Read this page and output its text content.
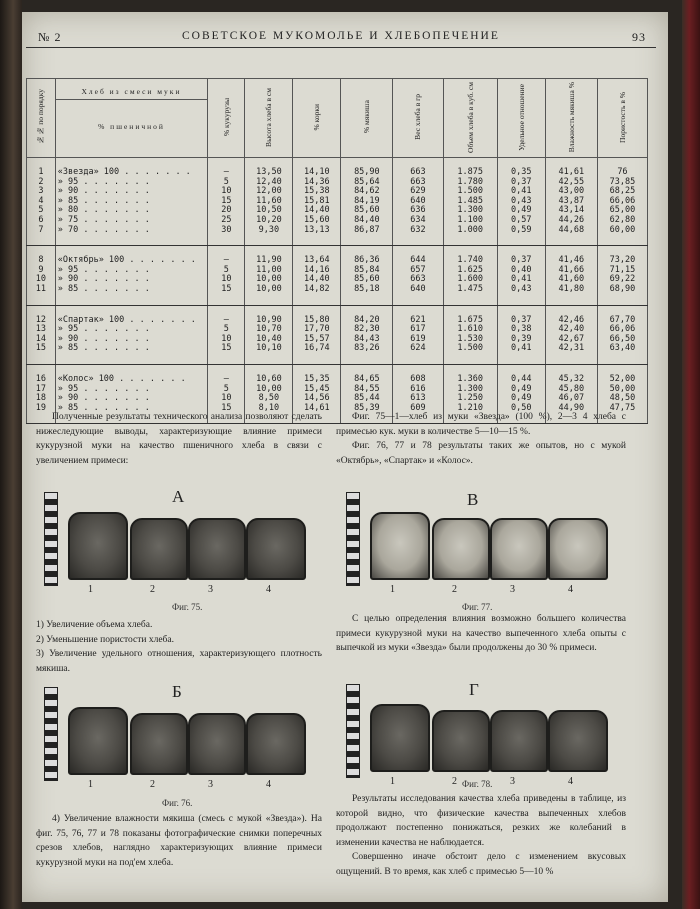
№ 2	СОВЕТСКОЕ МУКОМОЛЬЕ И ХЛЕБОПЕЧЕНИЕ	93
№№ по порядку	Хлеб из смеси муки
% пшеничной	% кукурузы	Высота хлеба в см	% корки	% мякиша	Вес хлеба в гр	Объем хлеба в куб. см	Удельное отношение	Влажность мякиша %	Пористость в %
1	«Звезда» 100 . . . . . . .	—	13,50	14,10	85,90	663	1.875	0,35	41,61	76
2	» 95 . . . . . . .	5	12,40	14,36	85,64	663	1.780	0,37	42,55	73,85
3	» 90 . . . . . . .	10	12,00	15,38	84,62	629	1.500	0,41	43,00	68,25
4	» 85 . . . . . . .	15	11,60	15,81	84,19	640	1.485	0,43	43,87	66,06
5	» 80 . . . . . . .	20	10,50	14,40	85,60	636	1.300	0,49	43,14	65,00
6	» 75 . . . . . . .	25	10,20	15,60	84,40	634	1.100	0,57	44,26	62,80
7	» 70 . . . . . . .	30	9,30	13,13	86,87	632	1.000	0,59	44,68	60,00
8	«Октябрь» 100 . . . . . . .	—	11,90	13,64	86,36	644	1.740	0,37	41,46	73,20
9	» 95 . . . . . . .	5	11,00	14,16	85,84	657	1.625	0,40	41,66	71,15
10	» 90 . . . . . . .	10	10,00	14,40	85,60	663	1.600	0,41	41,60	69,22
11	» 85 . . . . . . .	15	10,00	14,82	85,18	640	1.475	0,43	41,80	68,90
12	«Спартак» 100 . . . . . . .	—	10,90	15,80	84,20	621	1.675	0,37	42,46	67,70
13	» 95 . . . . . . .	5	10,70	17,70	82,30	617	1.610	0,38	42,40	66,06
14	» 90 . . . . . . .	10	10,40	15,57	84,43	619	1.530	0,39	42,67	66,50
15	» 85 . . . . . . .	15	10,10	16,74	83,26	624	1.500	0,41	42,31	63,40
16	«Колос» 100 . . . . . . .	—	10,60	15,35	84,65	608	1.360	0,44	45,32	52,00
17	» 95 . . . . . . .	5	10,00	15,45	84,55	616	1.300	0,49	45,80	50,00
18	» 90 . . . . . . .	10	8,50	14,56	85,44	613	1.250	0,49	46,07	48,50
19	» 85 . . . . . . .	15	8,10	14,61	85,39	609	1.210	0,50	44,90	47,75

Полученные результаты технического анализа позволяют сделать нижеследующие выводы, характеризующие влияние примеси кукурузной муки на качество пшеничного хлеба в связи с увеличением примеси:

А
1	2	3	4
Фиг. 75.
1) Увеличение объема хлеба.
2) Уменьшение пористости хлеба.
3) Увеличение удельного отношения, характеризующего плотность мякиша.
Б
1	2	3	4
Фиг. 76.

4) Увеличение влажности мякиша (смесь с мукой «Звезда»). На фиг. 75, 76, 77 и 78 показаны фотографические снимки поперечных срезов хлебов, наглядно характеризующих влияние примеси кукурузной муки на под'ем хлеба.

Фиг. 75—1—хлеб из муки «Звезда» (100 %), 2—3 4 хлеба с примесью кук. муки в количестве 5—10—15 %.

Фиг. 76, 77 и 78 результаты таких же опытов, но с мукой «Октябрь», «Спартак» и «Колос».

В
1	2	3	4
Фиг. 77.

С целью определения влияния возможно большего количества примеси кукурузной муки на качество выпеченного хлеба опыты с выпечкой из муки «Звезда» были продолжены до 30 % примеси.

Г
1	2	3	4
Фиг. 78.

Результаты исследования качества хлеба приведены в таблице, из которой видно, что физические качества выпеченных хлебов продолжают постепенно понижаться, резких же колебаний в изменении качества не наблюдается.

Совершенно иначе обстоит дело с изменением вкусовых ощущений. В то время, как хлеб с примесью 5—10 %
